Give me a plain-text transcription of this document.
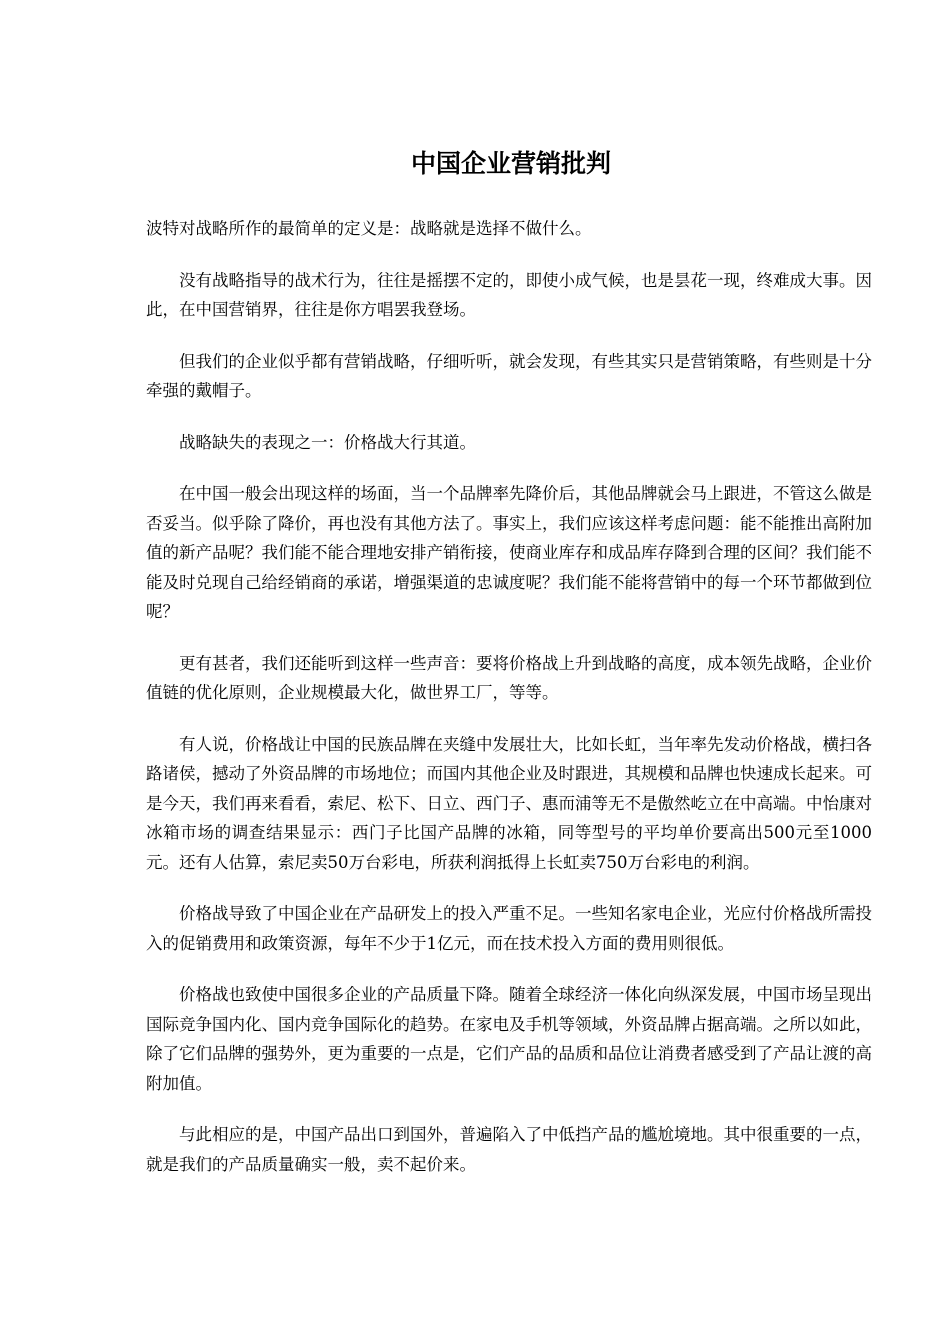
中国企业营销批判

波特对战略所作的最简单的定义是：战略就是选择不做什么。

没有战略指导的战术行为，往往是摇摆不定的，即使小成气候，也是昙花一现，终难成大事。因此，在中国营销界，往往是你方唱罢我登场。

但我们的企业似乎都有营销战略，仔细听听，就会发现，有些其实只是营销策略，有些则是十分牵强的戴帽子。

战略缺失的表现之一：价格战大行其道。

在中国一般会出现这样的场面，当一个品牌率先降价后，其他品牌就会马上跟进，不管这么做是否妥当。似乎除了降价，再也没有其他方法了。事实上，我们应该这样考虑问题：能不能推出高附加值的新产品呢？我们能不能合理地安排产销衔接，使商业库存和成品库存降到合理的区间？我们能不能及时兑现自己给经销商的承诺，增强渠道的忠诚度呢？我们能不能将营销中的每一个环节都做到位呢？

更有甚者，我们还能听到这样一些声音：要将价格战上升到战略的高度，成本领先战略，企业价值链的优化原则，企业规模最大化，做世界工厂，等等。

有人说，价格战让中国的民族品牌在夹缝中发展壮大，比如长虹，当年率先发动价格战，横扫各路诸侯，撼动了外资品牌的市场地位；而国内其他企业及时跟进，其规模和品牌也快速成长起来。可是今天，我们再来看看，索尼、松下、日立、西门子、惠而浦等无不是傲然屹立在中高端。中怡康对冰箱市场的调查结果显示：西门子比国产品牌的冰箱，同等型号的平均单价要高出500元至1000元。还有人估算，索尼卖50万台彩电，所获利润抵得上长虹卖750万台彩电的利润。

价格战导致了中国企业在产品研发上的投入严重不足。一些知名家电企业，光应付价格战所需投入的促销费用和政策资源，每年不少于1亿元，而在技术投入方面的费用则很低。

价格战也致使中国很多企业的产品质量下降。随着全球经济一体化向纵深发展，中国市场呈现出国际竞争国内化、国内竞争国际化的趋势。在家电及手机等领域，外资品牌占据高端。之所以如此，除了它们品牌的强势外，更为重要的一点是，它们产品的品质和品位让消费者感受到了产品让渡的高附加值。

与此相应的是，中国产品出口到国外，普遍陷入了中低挡产品的尴尬境地。其中很重要的一点，就是我们的产品质量确实一般，卖不起价来。
